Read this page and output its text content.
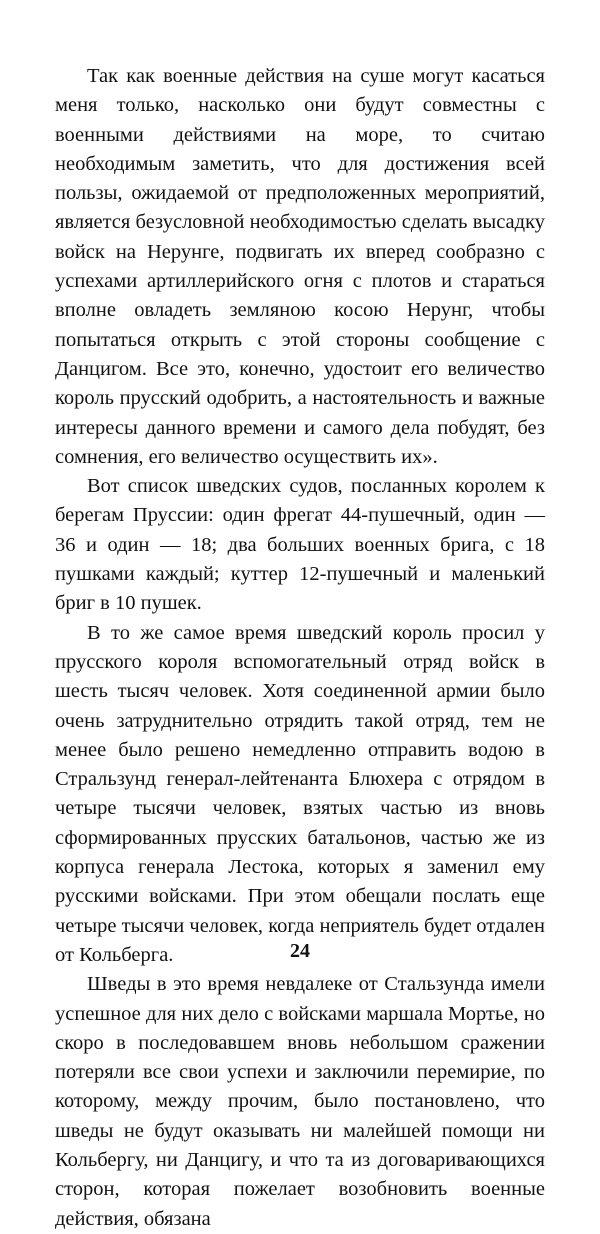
Так как военные действия на суше могут касаться меня только, насколько они будут совместны с военными действиями на море, то считаю необходимым заметить, что для достижения всей пользы, ожидаемой от предположенных мероприятий, является безусловной необходимостью сделать высадку войск на Нерунге, подвигать их вперед сообразно с успехами артиллерийского огня с плотов и стараться вполне овладеть земляною косою Нерунг, чтобы попытаться открыть с этой стороны сообщение с Данцигом. Все это, конечно, удостоит его величество король прусский одобрить, а настоятельность и важные интересы данного времени и самого дела побудят, без сомнения, его величество осуществить их».

Вот список шведских судов, посланных королем к берегам Пруссии: один фрегат 44-пушечный, один — 36 и один — 18; два больших военных брига, с 18 пушками каждый; куттер 12-пушечный и маленький бриг в 10 пушек.

В то же самое время шведский король просил у прусского короля вспомогательный отряд войск в шесть тысяч человек. Хотя соединенной армии было очень затруднительно отрядить такой отряд, тем не менее было решено немедленно отправить водою в Стральзунд генерал-лейтенанта Блюхера с отрядом в четыре тысячи человек, взятых частью из вновь сформированных прусских батальонов, частью же из корпуса генерала Лестока, которых я заменил ему русскими войсками. При этом обещали послать еще четыре тысячи человек, когда неприятель будет отдален от Кольберга.

Шведы в это время невдалеке от Стальзунда имели успешное для них дело с войсками маршала Мортье, но скоро в последовавшем вновь небольшом сражении потеряли все свои успехи и заключили перемирие, по которому, между прочим, было постановлено, что шведы не будут оказывать ни малейшей помощи ни Кольбергу, ни Данцигу, и что та из договаривающихся сторон, которая пожелает возобновить военные действия, обязана

24
